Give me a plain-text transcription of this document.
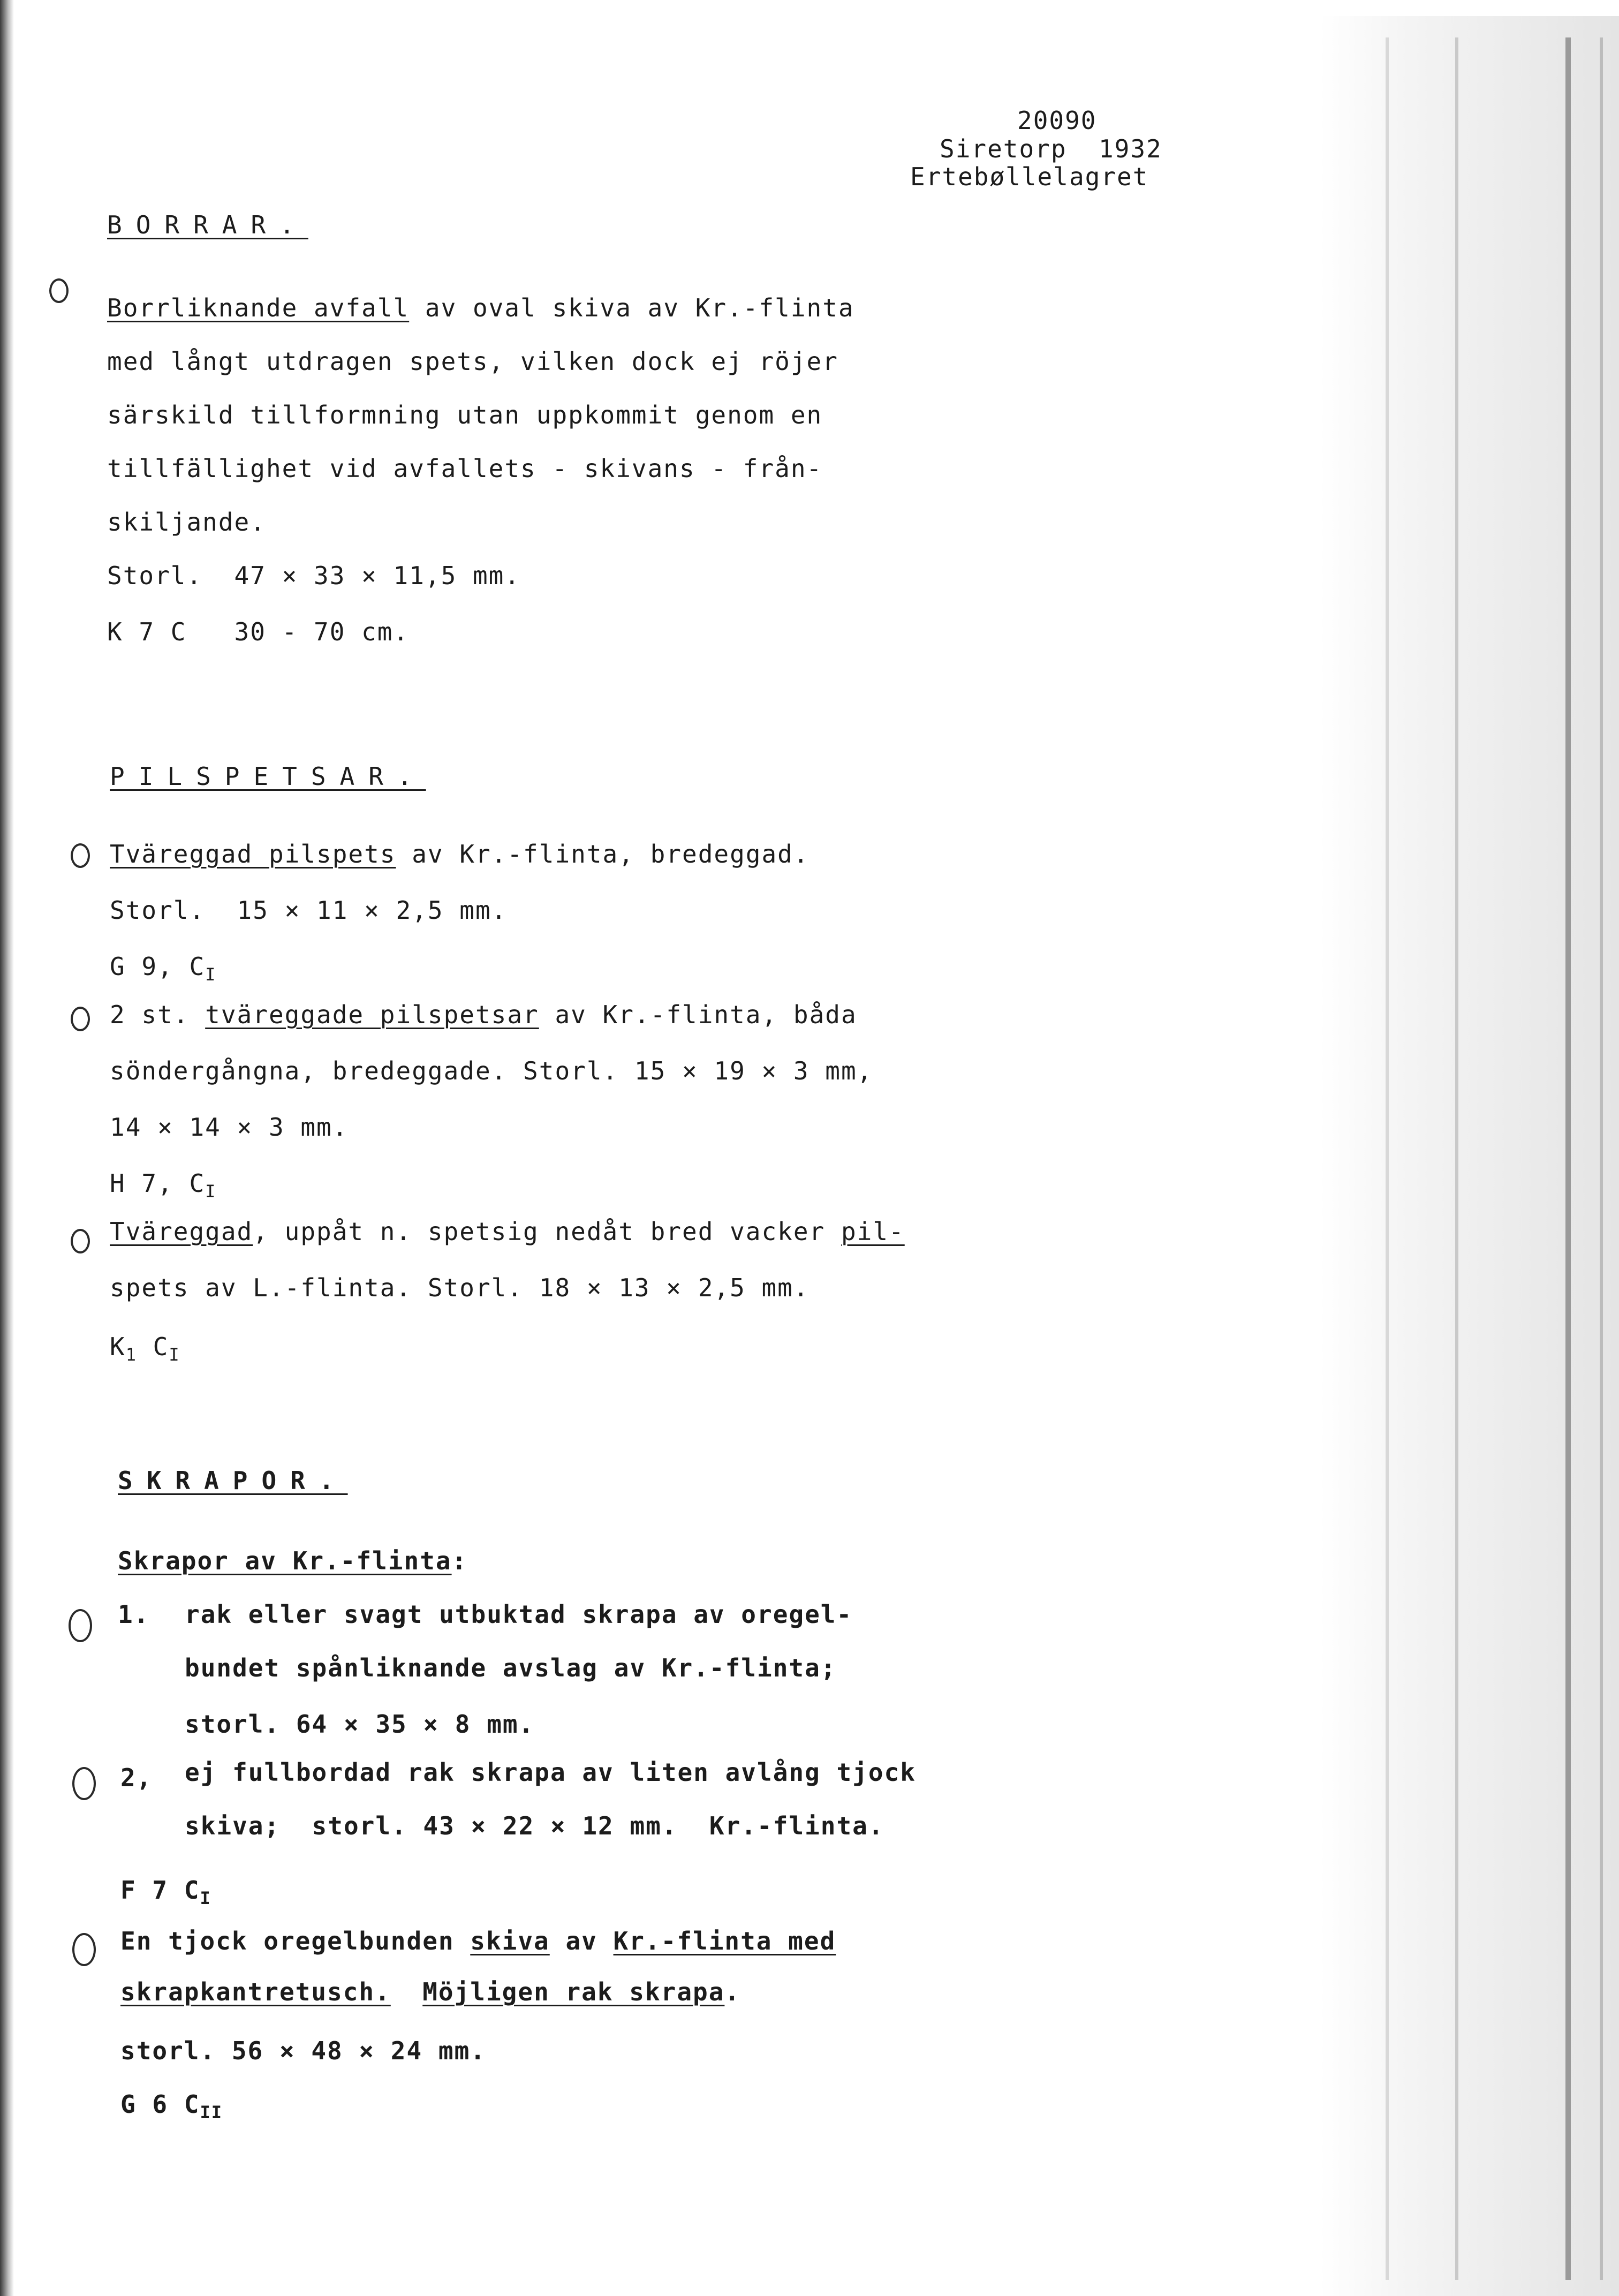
20090

Siretorp  1932

Ertebøllelagret

BORRAR.

Borrliknande avfall av oval skiva av Kr.-flinta

med långt utdragen spets, vilken dock ej röjer

särskild tillformning utan uppkommit genom en

tillfällighet vid avfallets - skivans - från-

skiljande.

Storl.  47 × 33 × 11,5 mm.

K 7 C   30 - 70 cm.

PILSPETSAR.

Tväreggad pilspets av Kr.-flinta, bredeggad.

Storl.  15 × 11 × 2,5 mm.

G 9, $C_I$

2 st. tväreggade pilspetsar av Kr.-flinta, båda

söndergångna, bredeggade. Storl. 15 × 19 × 3 mm,

14 × 14 × 3 mm.

H 7, $C_I$

Tväreggad, uppåt n. spetsig nedåt bred vacker pil-

spets av L.-flinta. Storl. 18 × 13 × 2,5 mm.

$K_1$ $C_I$

SKRAPOR.

Skrapor av Kr.-flinta:

1. rak eller svagt utbuktad skrapa av oregel-

bundet spånliknande avslag av Kr.-flinta;

storl. 64 × 35 × 8 mm.

2, ej fullbordad rak skrapa av liten avlång tjock

skiva;  storl. 43 × 22 × 12 mm.  Kr.-flinta.

F 7 $C_I$

En tjock oregelbunden skiva av Kr.-flinta med

skrapkantretusch. Möjligen rak skrapa.

storl. 56 × 48 × 24 mm.

G 6 $C_{II}$
